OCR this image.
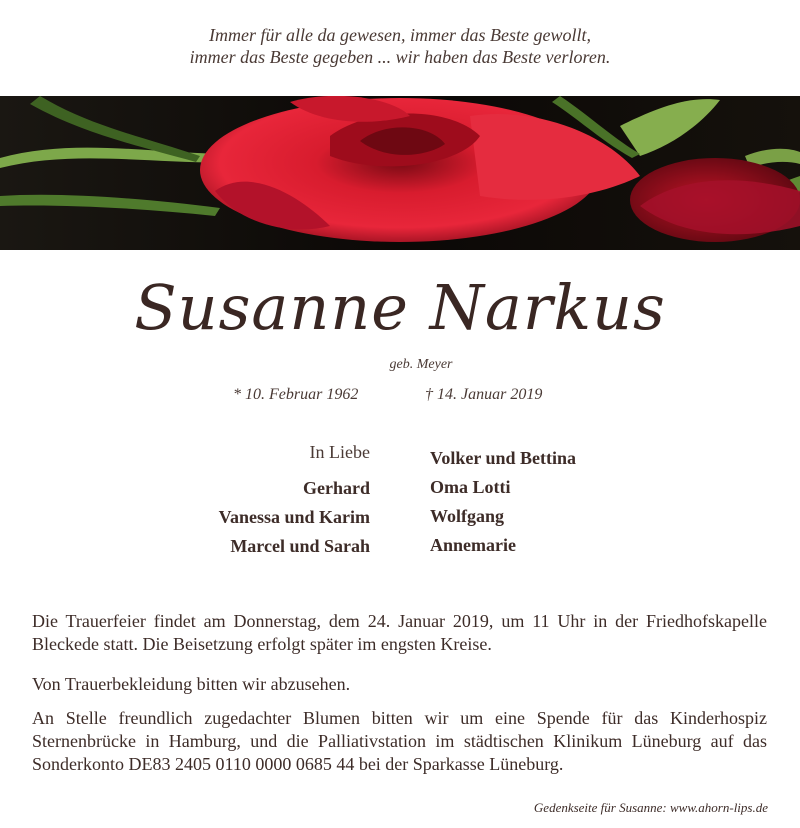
Immer für alle da gewesen, immer das Beste gewollt,
immer das Beste gegeben ... wir haben das Beste verloren.
Susanne Narkus
geb. Meyer
* 10. Februar 1962	† 14. Januar 2019
In Liebe
Gerhard
Vanessa und Karim
Marcel und Sarah
Volker und Bettina
Oma Lotti
Wolfgang
Annemarie
Die Trauerfeier findet am Donnerstag, dem 24. Januar 2019, um 11 Uhr in der Friedhofskapelle Bleckede statt. Die Beisetzung erfolgt später im engsten Kreise.
Von Trauerbekleidung bitten wir abzusehen.
An Stelle freundlich zugedachter Blumen bitten wir um eine Spende für das Kinderhospiz Sternenbrücke in Hamburg, und die Palliativstation im städtischen Klinikum Lüneburg auf das Sonderkonto DE83 2405 0110 0000 0685 44 bei der Sparkasse Lüneburg.
Gedenkseite für Susanne: www.ahorn-lips.de
